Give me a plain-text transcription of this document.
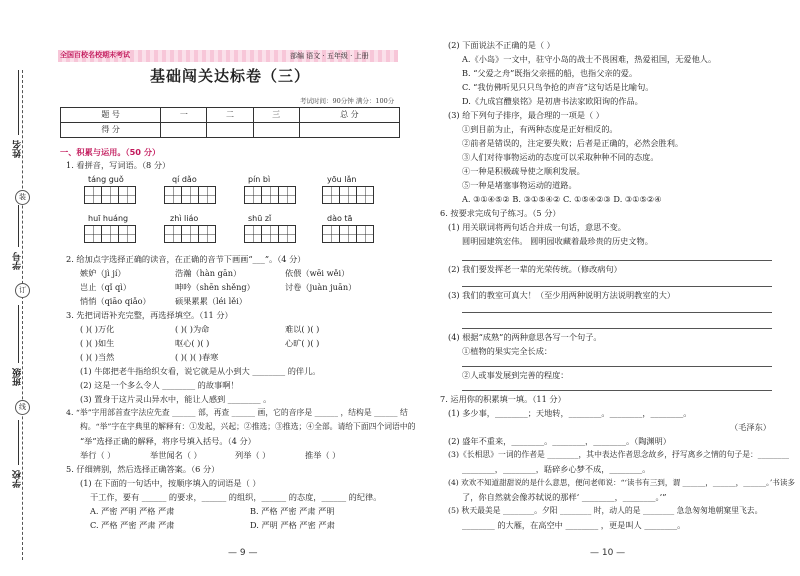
姓名
装
学号
订
班级
线
学校
全国百校名校期末考试	部编 语文 · 五年级 · 上册
基础闯关达标卷（三）
考试时间：90分钟 满分：100分
题 号	一	二	三	总 分
得 分				
一、积累与运用。（50 分）
1. 看拼音，写词语。（8 分）
táng guǒ	qí dǎo	pín bì	yōu lǎn
huī huáng	zhì liáo	shū zǐ	dào tā
2. 给加点字选择正确的读音，在正确的音节下画画“___”。（4 分）
嫉妒（jì jí）	浩瀚（hàn gān）	依偎（wēi wěi）
岂止（qǐ qì）	呻吟（shēn shěng）	讨卷（juàn juān）
悄悄（qiāo qiǎo）	硕果累累（léi lěi）
3. 先把词语补充完整，再选择填空。（11 分）
( )( )万化	( )( )为命	难以( )( )
( )( )如生	呕心( )( )	心旷( )( )
( )( )当然	( )( )( )春寒
(1) 牛郎把老牛指给织女看，说它就是从小到大 ________ 的伴儿。
(2) 这是一个多么令人 ________ 的故事啊！
(3) 置身于这片灵山异水中，能让人感到 ________ 。
4. “举”字用部首查字法应先查 ______ 部，再查 ______ 画，它的音序是 ______ ，结构是 ______ 结
构。“举”字在字典里的解释有：①发起，兴起；②推选；③推选；④全部。请给下面四个词语中的
“举”选择正确的解释，将序号填入括号。（4 分）
举行（ ）	举世闻名（ ）	列举（ ）	推举（ ）
5. 仔细辨别，然后选择正确答案。（6 分）
(1) 在下面的一句话中，按顺序填入的词语是（ ）
干工作，要有 ______ 的要求，______ 的组织，______ 的态度，______ 的纪律。
A. 严密 严明 严格 严肃	B. 严格 严密 严肃 严明
C. 严格 严密 严肃 严肃	D. 严明 严格 严密 严肃
— 9 —
(2) 下面说法不正确的是（ ）
A.《小岛》一文中，驻守小岛的战士不畏困难，热爱祖国，无爱他人。
B. “父爱之舟”既指父亲摇的船，也指父亲的爱。
C. “我仿佛听见只只鸟争抢的声音”这句话是比喻句。
D.《九成宫醴泉铭》是初唐书法家欧阳询的作品。
(3) 给下列句子排序，最合理的一项是（ ）
①到目前为止，有两种态度是正好相反的。
②前者是错误的，注定要失败；后者是正确的，必然会胜利。
③人们对待事物运动的态度可以采取种种不同的态度。
④一种是积极疏导使之顺利发展。
⑤一种是堵塞事物运动的道路。
A. ③①④⑤② B. ③①⑤④② C. ①⑤④②③ D. ③①⑤②④
6. 按要求完成句子练习。（5 分）
(1) 用关联词将两句话合并成一句话，意思不变。
圆明园建筑宏伟。 圆明园收藏着最珍贵的历史文物。
(2) 我们要发挥老一辈的光荣传统。（修改病句）
(3) 我们的教室可真大！（至少用两种说明方法说明教室的大）
(4) 根据“成熟”的两种意思各写一个句子。
①植物的果实完全长成：
②人或事发展到完善的程度：
7. 运用你的积累填一填。（11 分）
(1) 多少事，________；天地转，________。________，________。
（毛泽东）
(2) 盛年不重来，________。________，________。（陶渊明）
(3)《长相思》一词的作者是 ________，其中表达作者思念故乡，抒写离乡之情的句子是：________
________，________，聒碎乡心梦不成，________。
(4) 欢欢不知道甜甜说的是什么意思，便问老师说：“‘读书有三到，谓 ______，______，______。’书读多
了，你自然就会像苏轼说的那样‘ ________，________。’”
(5) 秋天最美是 ________。夕阳 ________ 时，动人的是 ________ 急急匆匆地朝窠里飞去。
________ 的大雁，在高空中 ________ ，更是叫人 ________。
— 10 —
